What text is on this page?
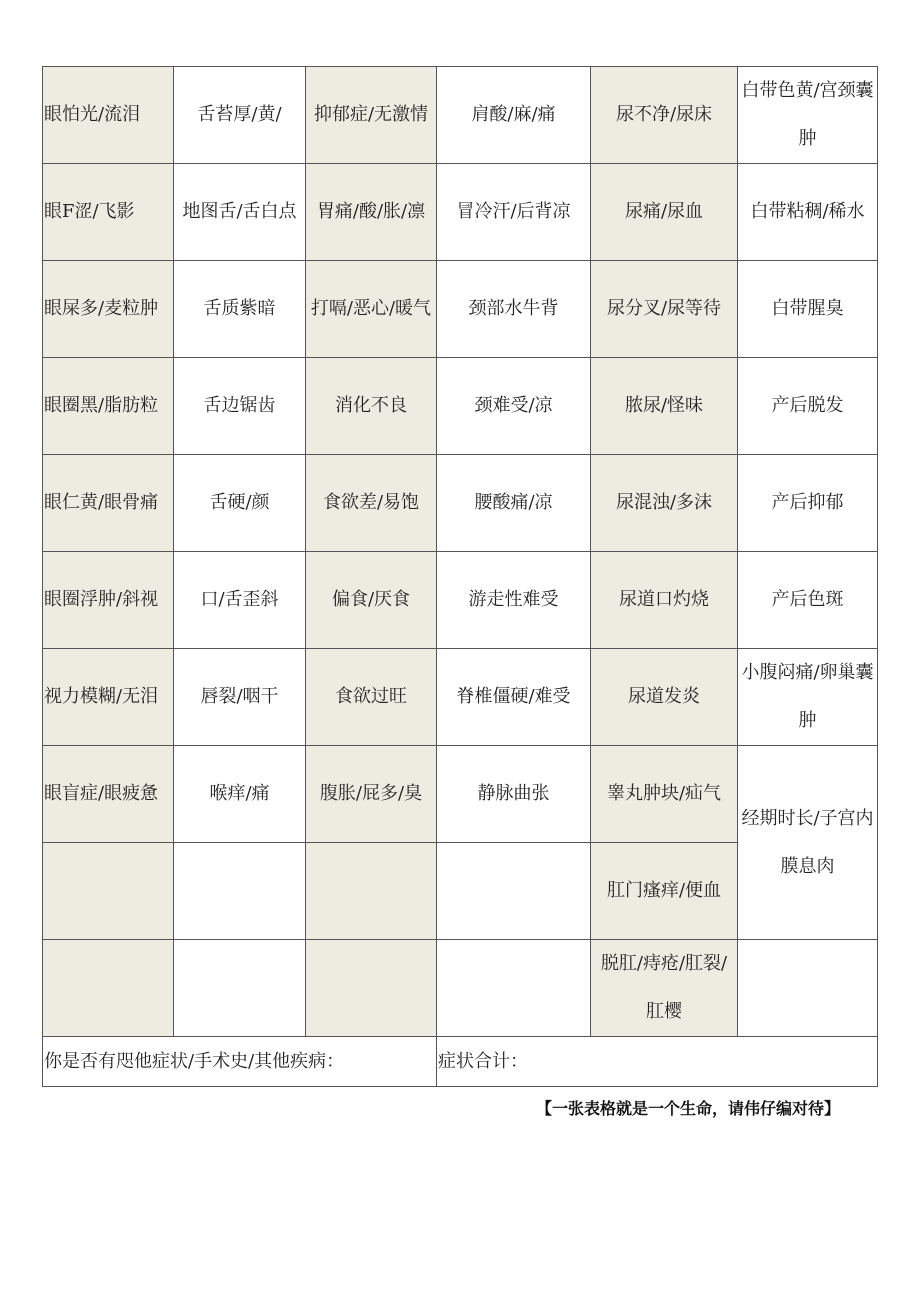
眼怕光/流泪	舌苔厚/黄/	抑郁症/无激情	肩酸/麻/痛	尿不净/尿床	白带色黄/宫颈囊肿
眼F涩/飞影	地图舌/舌白点	胃痛/酸/胀/凛	冒冷汗/后背凉	尿痛/尿血	白带粘稠/稀水
眼屎多/麦粒肿	舌质紫暗	打嗝/恶心/暖气	颈部水牛背	尿分叉/尿等待	白带腥臭
眼圈黑/脂肪粒	舌边锯齿	消化不良	颈难受/凉	脓尿/怪味	产后脱发
眼仁黄/眼骨痛	舌硬/颜	食欲差/易饱	腰酸痛/凉	尿混浊/多沫	产后抑郁
眼圈浮肿/斜视	口/舌歪斜	偏食/厌食	游走性难受	尿道口灼烧	产后色斑
视力模糊/无泪	唇裂/咽干	食欲过旺	脊椎僵硬/难受	尿道发炎	小腹闷痛/卵巢囊肿
眼盲症/眼疲惫	喉痒/痛	腹胀/屁多/臭	静脉曲张	睾丸肿块/疝气	经期时长/子宫内膜息肉
				肛门瘙痒/便血	
				脱肛/痔疮/肛裂/肛樱	
你是否有咫他症状/手术史/其他疾病：			症状合计：		
【一张表格就是一个生命，请伟仔编对待】
